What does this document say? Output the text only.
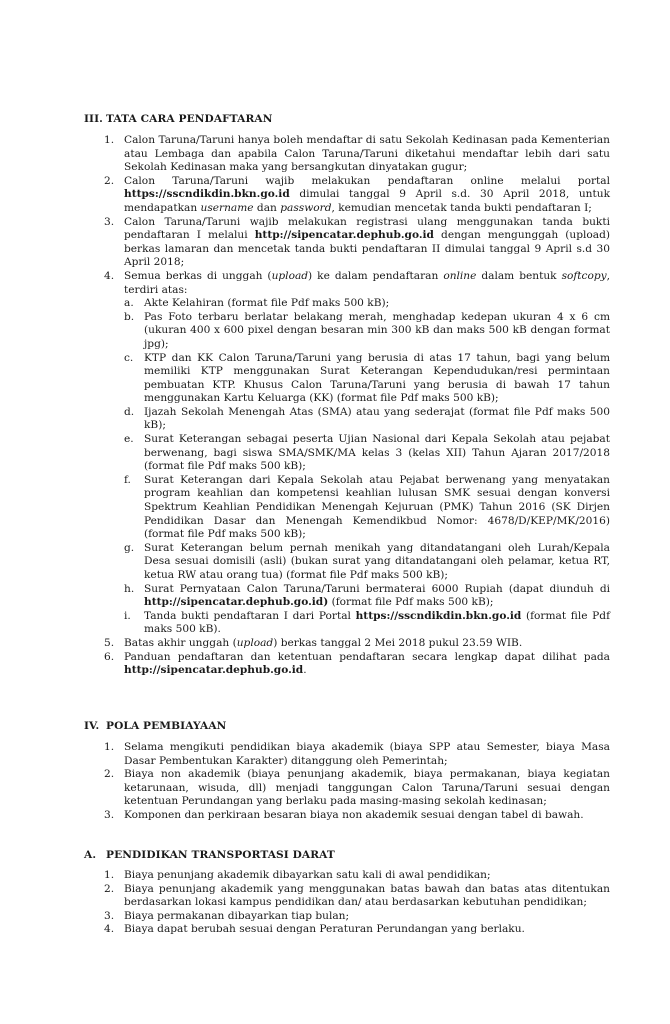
III. TATA CARA PENDAFTARAN
1. Calon Taruna/Taruni hanya boleh mendaftar di satu Sekolah Kedinasan pada Kementerian atau Lembaga dan apabila Calon Taruna/Taruni diketahui mendaftar lebih dari satu Sekolah Kedinasan maka yang bersangkutan dinyatakan gugur;

2. Calon Taruna/Taruni wajib melakukan pendaftaran online melalui portal https://sscndikdin.bkn.go.id dimulai tanggal 9 April s.d. 30 April 2018, untuk mendapatkan username dan password, kemudian mencetak tanda bukti pendaftaran I;

3. Calon Taruna/Taruni wajib melakukan registrasi ulang menggunakan tanda bukti pendaftaran I melalui http://sipencatar.dephub.go.id dengan mengunggah (upload) berkas lamaran dan mencetak tanda bukti pendaftaran II dimulai tanggal 9 April s.d 30 April 2018;

4. Semua berkas di unggah (upload) ke dalam pendaftaran online dalam bentuk softcopy, terdiri atas:

a. Akte Kelahiran (format file Pdf maks 500 kB);

b. Pas Foto terbaru berlatar belakang merah, menghadap kedepan ukuran 4 x 6 cm (ukuran 400 x 600 pixel dengan besaran min 300 kB dan maks 500 kB dengan format jpg);

c. KTP dan KK Calon Taruna/Taruni yang berusia di atas 17 tahun, bagi yang belum memiliki KTP menggunakan Surat Keterangan Kependudukan/resi permintaan pembuatan KTP. Khusus Calon Taruna/Taruni yang berusia di bawah 17 tahun menggunakan Kartu Keluarga (KK) (format file Pdf maks 500 kB);

d. Ijazah Sekolah Menengah Atas (SMA) atau yang sederajat (format file Pdf maks 500 kB);

e. Surat Keterangan sebagai peserta Ujian Nasional dari Kepala Sekolah atau pejabat berwenang, bagi siswa SMA/SMK/MA kelas 3 (kelas XII) Tahun Ajaran 2017/2018 (format file Pdf maks 500 kB);

f. Surat Keterangan dari Kepala Sekolah atau Pejabat berwenang yang menyatakan program keahlian dan kompetensi keahlian lulusan SMK sesuai dengan konversi Spektrum Keahlian Pendidikan Menengah Kejuruan (PMK) Tahun 2016 (SK Dirjen Pendidikan Dasar dan Menengah Kemendikbud Nomor: 4678/D/KEP/MK/2016) (format file Pdf maks 500 kB);

g. Surat Keterangan belum pernah menikah yang ditandatangani oleh Lurah/Kepala Desa sesuai domisili (asli) (bukan surat yang ditandatangani oleh pelamar, ketua RT, ketua RW atau orang tua) (format file Pdf maks 500 kB);

h. Surat Pernyataan Calon Taruna/Taruni bermaterai 6000 Rupiah (dapat diunduh di http://sipencatar.dephub.go.id) (format file Pdf maks 500 kB);

i. Tanda bukti pendaftaran I dari Portal https://sscndikdin.bkn.go.id (format file Pdf maks 500 kB).

5. Batas akhir unggah (upload) berkas tanggal 2 Mei 2018 pukul 23.59 WIB.

6. Panduan pendaftaran dan ketentuan pendaftaran secara lengkap dapat dilihat pada http://sipencatar.dephub.go.id.

IV. POLA PEMBIAYAAN
1. Selama mengikuti pendidikan biaya akademik (biaya SPP atau Semester, biaya Masa Dasar Pembentukan Karakter) ditanggung oleh Pemerintah;

2. Biaya non akademik (biaya penunjang akademik, biaya permakanan, biaya kegiatan ketarunaan, wisuda, dll) menjadi tanggungan Calon Taruna/Taruni sesuai dengan ketentuan Perundangan yang berlaku pada masing-masing sekolah kedinasan;

3. Komponen dan perkiraan besaran biaya non akademik sesuai dengan tabel di bawah.

A. PENDIDIKAN TRANSPORTASI DARAT
1. Biaya penunjang akademik dibayarkan satu kali di awal pendidikan;

2. Biaya penunjang akademik yang menggunakan batas bawah dan batas atas ditentukan berdasarkan lokasi kampus pendidikan dan/ atau berdasarkan kebutuhan pendidikan;

3. Biaya permakanan dibayarkan tiap bulan;

4. Biaya dapat berubah sesuai dengan Peraturan Perundangan yang berlaku.
